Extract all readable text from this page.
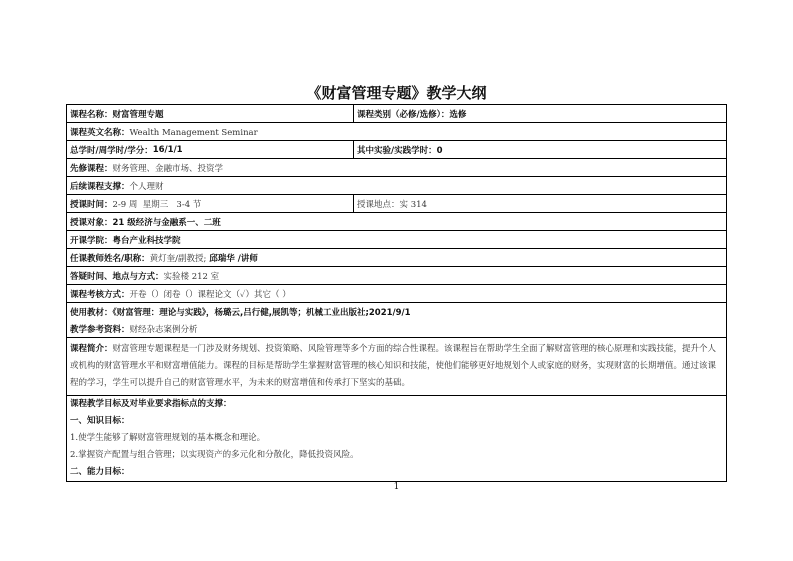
《财富管理专题》教学大纲
课程名称： 财富管理专题	课程类别（必修/选修）：选修
课程英文名称：Wealth Management Seminar
总学时/周学时/学分： 16/1/1	其中实验/实践学时：0
先修课程：财务管理、金融市场、投资学
后续课程支撑：个人理财
授课时间： 2-9 周  星期三   3-4 节	授课地点：实 314
授课对象：21 级经济与金融系一、二班
开课学院：粤台产业科技学院
任课教师姓名/职称：黄灯奎/副教授; 邱瑞华 /讲师
答疑时间、地点与方式：实验楼 212 室
课程考核方式：开卷（）闭卷（）课程论文（✓）其它（ ）
使用教材：《财富管理：理论与实践》，杨璐云,吕行健,展凯等；机械工业出版社;2021/9/1
教学参考资料：财经杂志案例分析
课程简介：财富管理专题课程是一门涉及财务规划、投资策略、风险管理等多个方面的综合性课程。该课程旨在帮助学生全面了解财富管理的核心原理和实践技能，提升个人或机构的财富管理水平和财富增值能力。课程的目标是帮助学生掌握财富管理的核心知识和技能，使他们能够更好地规划个人或家庭的财务，实现财富的长期增值。通过该课程的学习，学生可以提升自己的财富管理水平，为未来的财富增值和传承打下坚实的基础。
课程教学目标及对毕业要求指标点的支撑：
一、知识目标：
1.使学生能够了解财富管理规划的基本概念和理论。
2.掌握资产配置与组合管理；以实现资产的多元化和分散化，降低投资风险。
二、能力目标：
1
